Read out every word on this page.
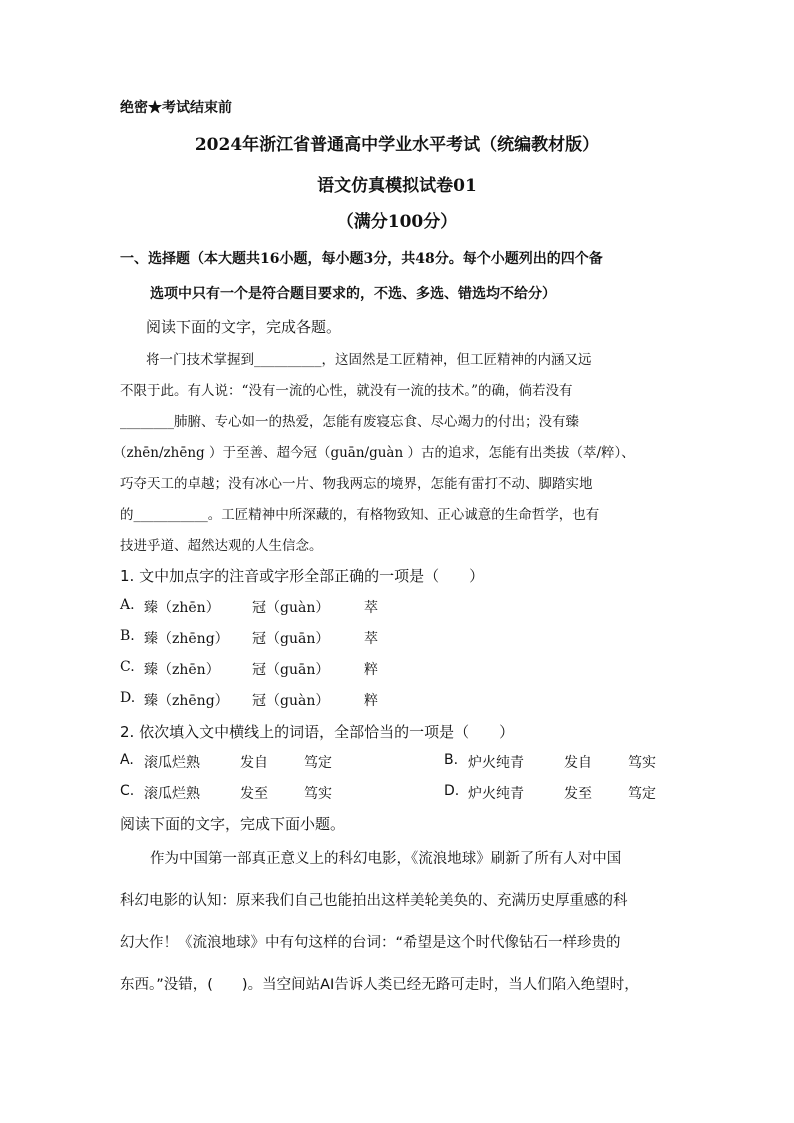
绝密★考试结束前
2024年浙江省普通高中学业水平考试（统编教材版）
语文仿真模拟试卷01
（满分100分）
一、选择题（本大题共16小题，每小题3分，共48分。每个小题列出的四个备
选项中只有一个是符合题目要求的，不选、多选、错选均不给分）
阅读下面的文字，完成各题。
将一门技术掌握到__________，这固然是工匠精神，但工匠精神的内涵又远
不限于此。有人说：“没有一流的心性，就没有一流的技术。”的确，倘若没有
________肺腑、专心如一的热爱，怎能有废寝忘食、尽心竭力的付出；没有臻
（zhēn/zhēng ）于至善、超今冠（guān/guàn ）古的追求，怎能有出类拔（萃/粹）、
巧夺天工的卓越；没有冰心一片、物我两忘的境界，怎能有雷打不动、脚踏实地
的___________。工匠精神中所深藏的，有格物致知、正心诚意的生命哲学，也有
技进乎道、超然达观的人生信念。
1. 文中加点字的注音或字形全部正确的一项是（　　）
A. 臻（zhēn） 冠（guàn） 萃
B. 臻（zhēng） 冠（guān） 萃
C. 臻（zhēn） 冠（guān） 粹
D. 臻（zhēng） 冠（guàn） 粹
2. 依次填入文中横线上的词语，全部恰当的一项是（　　）
A. 滚瓜烂熟	发自	笃定	B. 炉火纯青	发自	笃实
C. 滚瓜烂熟	发至	笃实	D. 炉火纯青	发至	笃定
阅读下面的文字，完成下面小题。
作为中国第一部真正意义上的科幻电影，《流浪地球》刷新了所有人对中国
科幻电影的认知：原来我们自己也能拍出这样美轮美奂的、充满历史厚重感的科
幻大作！《流浪地球》中有句这样的台词：“希望是这个时代像钻石一样珍贵的
东西。”没错，(　　)。当空间站AI告诉人类已经无路可走时，当人们陷入绝望时，
